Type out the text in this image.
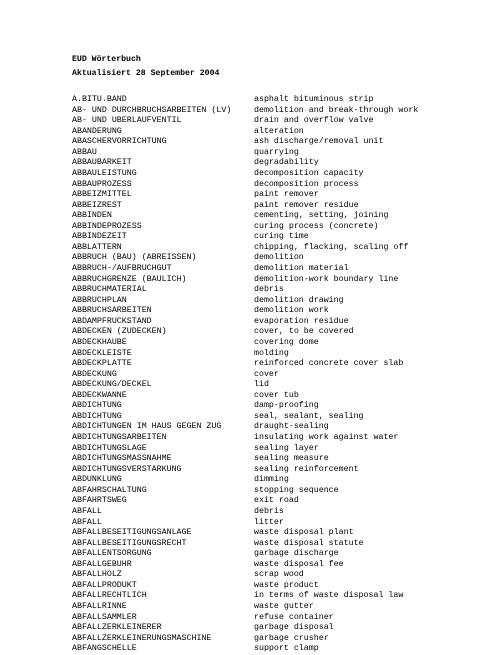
EUD Wörterbuch
Aktualisiert 28 September 2004
A.BITU.BAND	asphalt bituminous strip
AB- UND DURCHBRUCHSARBEITEN (LV)	demolition and break-through work
AB- UND ÜBERLAUFVENTIL	drain and overflow valve
ABÄNDERUNG	alteration
ABASCHERVORRICHTUNG	ash discharge/removal unit
ABBAU	quarrying
ABBAUBARKEIT	degradability
ABBAULEISTUNG	decomposition capacity
ABBAUPROZESS	decomposition process
ABBEIZMITTEL	paint remover
ABBEIZREST	paint remover residue
ABBINDEN	cementing, setting, joining
ABBINDEPROZESS	curing process (concrete)
ABBINDEZEIT	curing time
ABBLÄTTERN	chipping, flacking, scaling off
ABBRUCH (BAU) (ABREISSEN)	demolition
ABBRUCH-/AUFBRUCHGUT	demolition material
ABBRUCHGRENZE (BAULICH)	demolition-work boundary line
ABBRUCHMATERIAL	debris
ABBRUCHPLAN	demolition drawing
ABBRUCHSARBEITEN	demolition work
ABDAMPFRÜCKSTAND	evaporation residue
ABDECKEN (ZUDECKEN)	cover, to be covered
ABDECKHAUBE	covering dome
ABDECKLEISTE	molding
ABDECKPLATTE	reinforced concrete cover slab
ABDECKUNG	cover
ABDECKUNG/DECKEL	lid
ABDECKWANNE	cover tub
ABDICHTUNG	damp-proofing
ABDICHTUNG	seal, sealant, sealing
ABDICHTUNGEN IM HAUS GEGEN ZUG	draught-sealing
ABDICHTUNGSARBEITEN	insulating work against water
ABDICHTUNGSLAGE	sealing layer
ABDICHTUNGSMASSNAHME	sealing measure
ABDICHTUNGSVERSTÄRKUNG	sealing reinforcement
ABDUNKLUNG	dimming
ABFAHRSCHALTUNG	stopping sequence
ABFAHRTSWEG	exit road
ABFALL	debris
ABFALL	litter
ABFALLBESEITIGUNGSANLAGE	waste disposal plant
ABFALLBESEITIGUNGSRECHT	waste disposal statute
ABFALLENTSORGUNG	garbage discharge
ABFALLGEBÜHR	waste disposal fee
ABFALLHOLZ	scrap wood
ABFALLPRODUKT	waste product
ABFALLRECHTLICH	in terms of waste disposal law
ABFALLRINNE	waste gutter
ABFALLSAMMLER	refuse container
ABFALLZERKLEINERER	garbage disposal
ABFALLZERKLEINERUNGSMASCHINE	garbage crusher
ABFANGSCHELLE	support clamp
